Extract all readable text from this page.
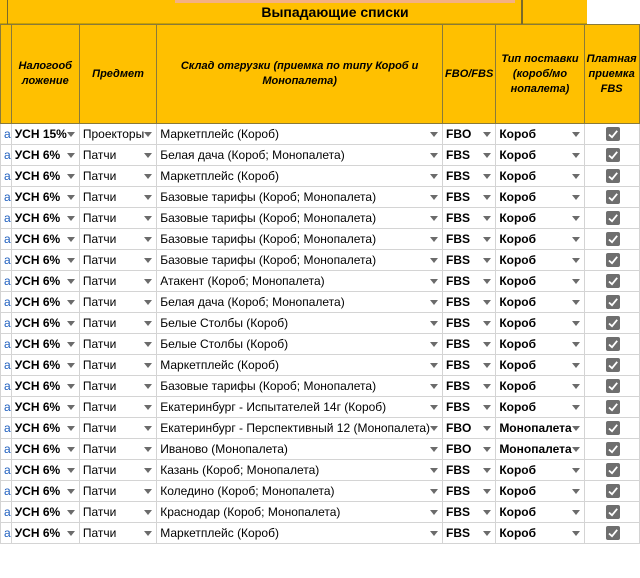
Выпадающие списки
	Налогооб ложение	Предмет	Склад отгрузки (приемка по типу Короб и Монопалета)	FBO/FBS	Тип поставки (короб/мо нопалета)	Платная приемка FBS
а	УСН 15%	Проекторы	Маркетплейс (Короб)	FBO	Короб

а	УСН 6%	Патчи	Белая дача (Короб; Монопалета)	FBS	Короб

а	УСН 6%	Патчи	Маркетплейс (Короб)	FBS	Короб

а	УСН 6%	Патчи	Базовые тарифы (Короб; Монопалета)	FBS	Короб

а	УСН 6%	Патчи	Базовые тарифы (Короб; Монопалета)	FBS	Короб

а	УСН 6%	Патчи	Базовые тарифы (Короб; Монопалета)	FBS	Короб

а	УСН 6%	Патчи	Базовые тарифы (Короб; Монопалета)	FBS	Короб

а	УСН 6%	Патчи	Атакент (Короб; Монопалета)	FBS	Короб

а	УСН 6%	Патчи	Белая дача (Короб; Монопалета)	FBS	Короб

а	УСН 6%	Патчи	Белые Столбы (Короб)	FBS	Короб

а	УСН 6%	Патчи	Белые Столбы (Короб)	FBS	Короб

а	УСН 6%	Патчи	Маркетплейс (Короб)	FBS	Короб

а	УСН 6%	Патчи	Базовые тарифы (Короб; Монопалета)	FBS	Короб

а	УСН 6%	Патчи	Екатеринбург - Испытателей 14г (Короб)	FBS	Короб

а	УСН 6%	Патчи	Екатеринбург - Перспективный 12 (Монопалета)	FBO	Монопалета

а	УСН 6%	Патчи	Иваново (Монопалета)	FBO	Монопалета

а	УСН 6%	Патчи	Казань (Короб; Монопалета)	FBS	Короб

а	УСН 6%	Патчи	Коледино (Короб; Монопалета)	FBS	Короб

а	УСН 6%	Патчи	Краснодар (Короб; Монопалета)	FBS	Короб

а	УСН 6%	Патчи	Маркетплейс (Короб)	FBS	Короб
